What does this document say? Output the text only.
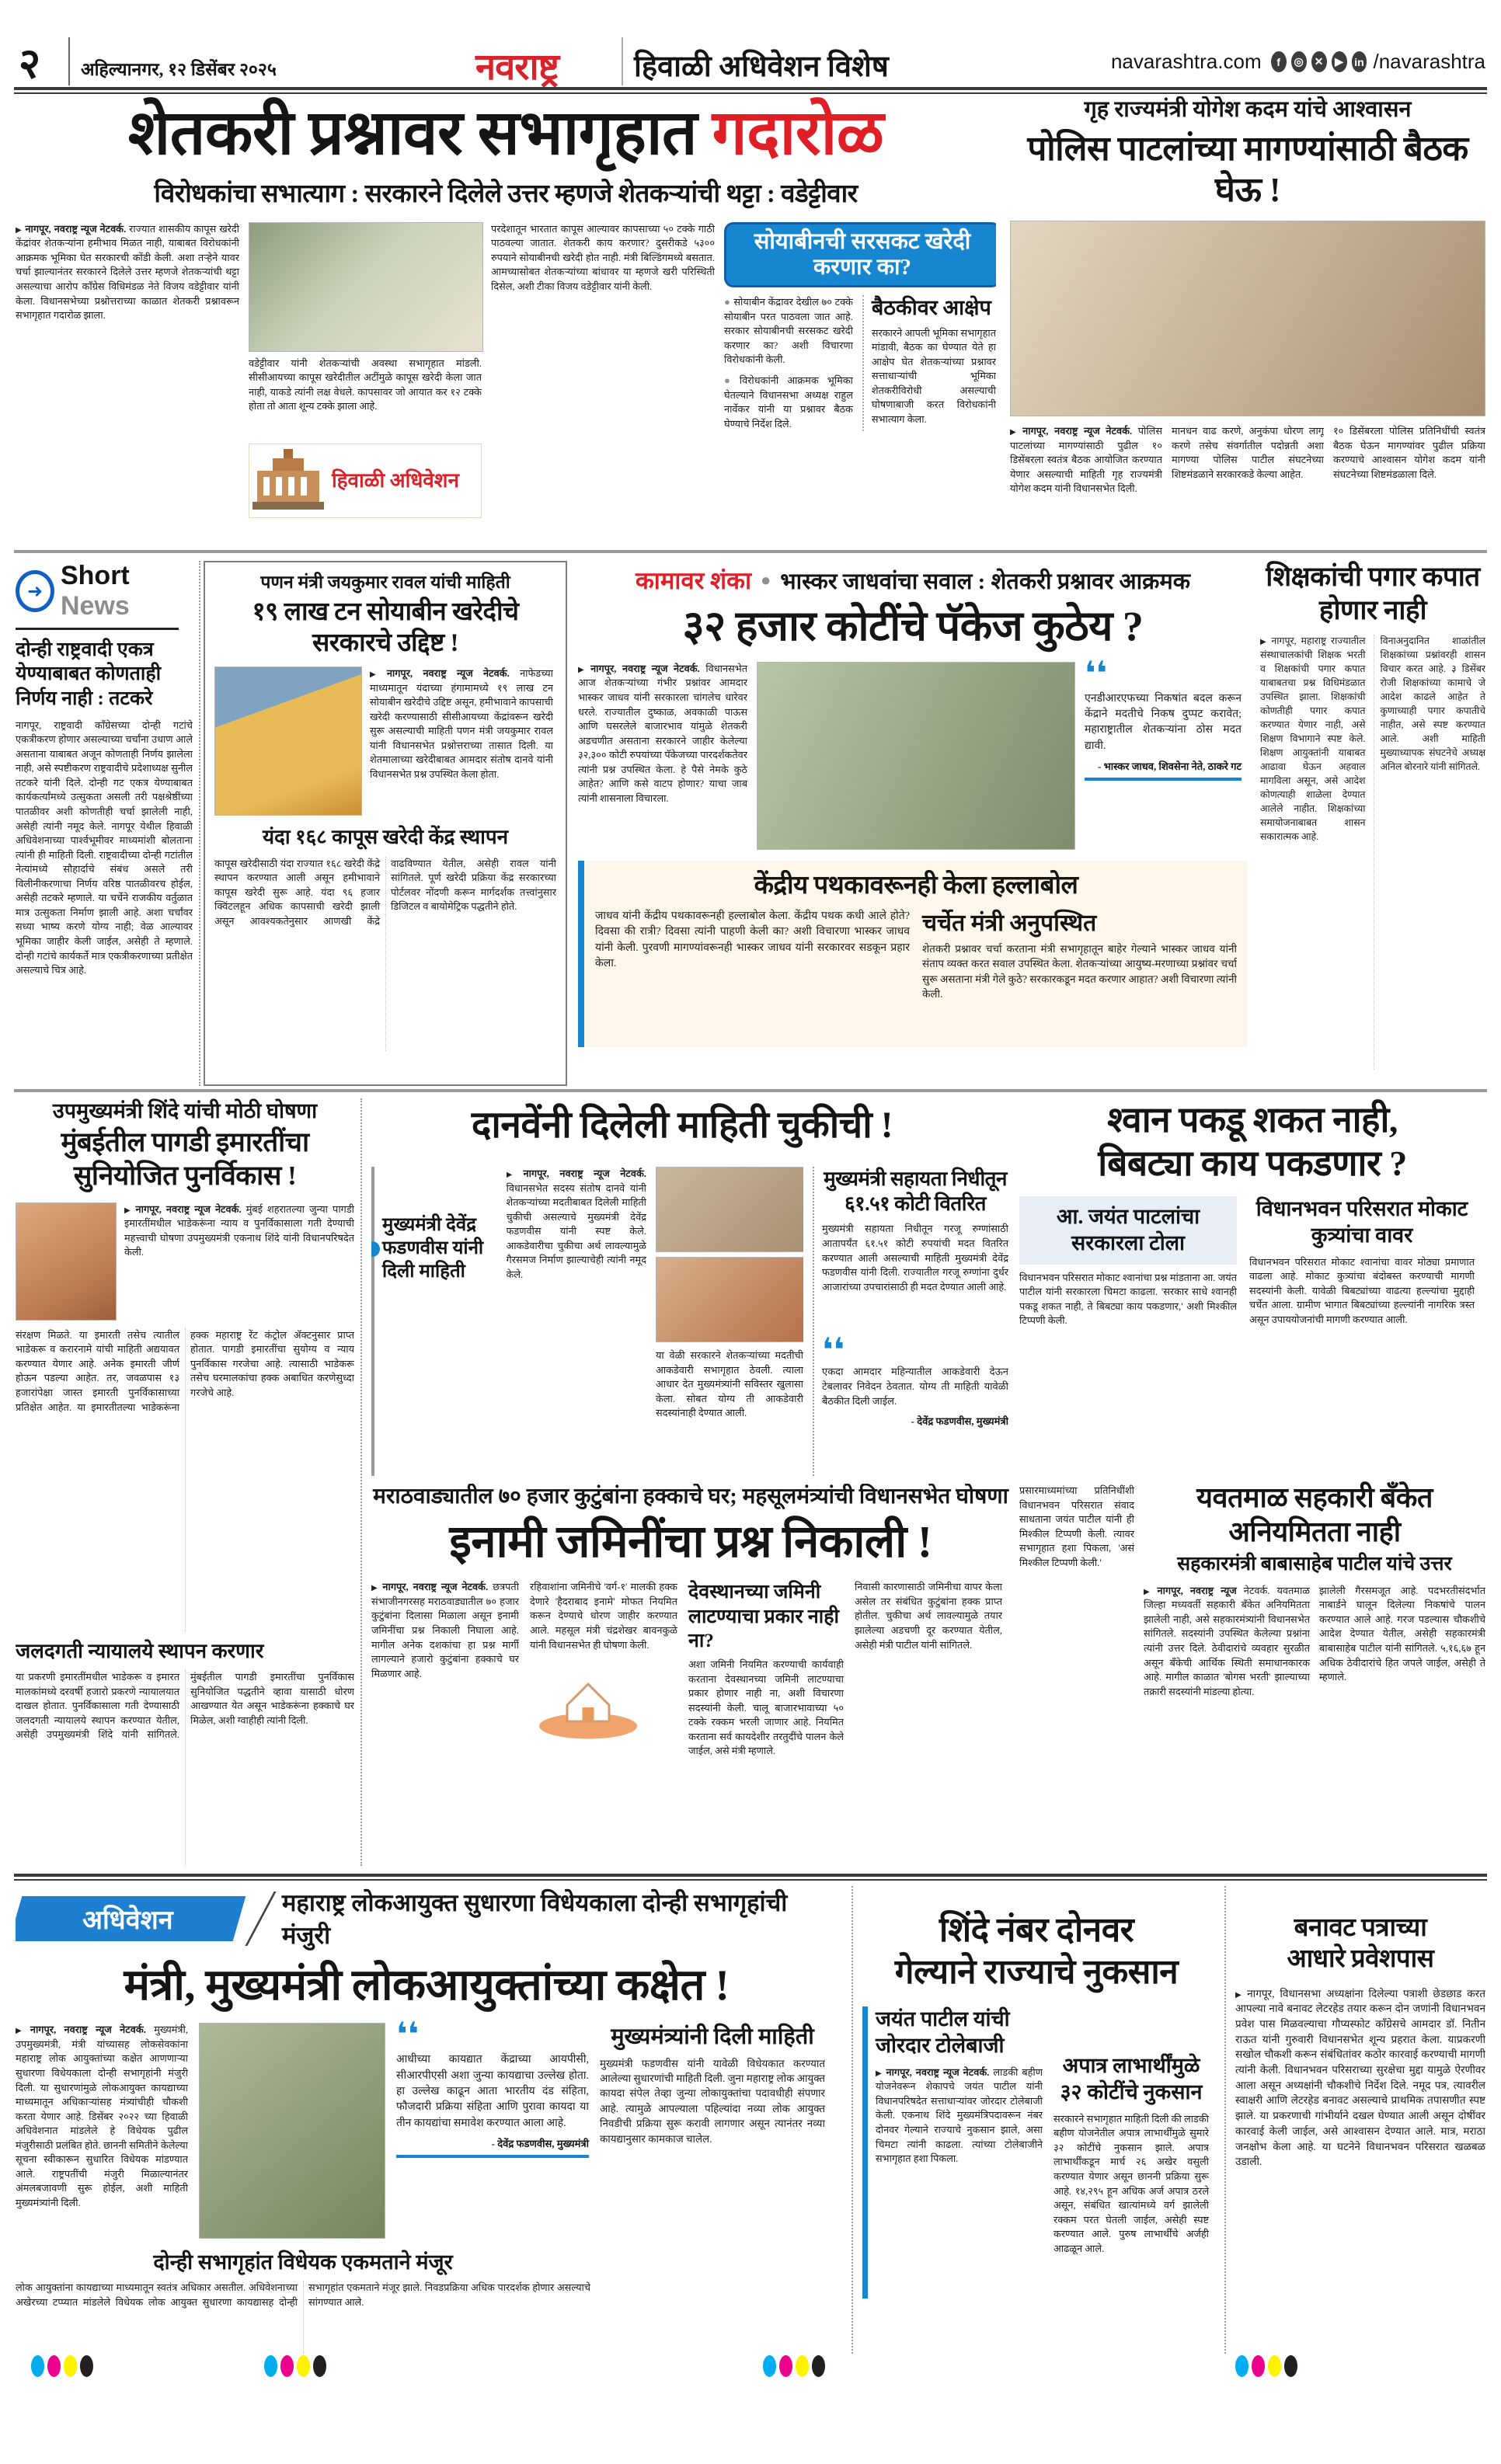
२ अहिल्यानगर, १२ डिसेंबर २०२५	नवराष्ट्र	हिवाळी अधिवेशन विशेष	navarashtra.com	f	◎ ✕	▶	in /navarashtra
शेतकरी प्रश्नावर सभागृहात गदारोळ
विरोधकांचा सभात्याग : सरकारने दिलेले उत्तर म्हणजे शेतकऱ्यांची थट्टा : वडेट्टीवार
▶ नागपूर, नवराष्ट्र न्यूज नेटवर्क. राज्यात शासकीय कापूस खरेदी केंद्रांवर शेतकऱ्यांना हमीभाव मिळत नाही, याबाबत विरोधकांनी आक्रमक भूमिका घेत सरकारची कोंडी केली. अशा तऱ्हेने यावर चर्चा झाल्यानंतर सरकारने दिलेले उत्तर म्हणजे शेतकऱ्यांची थट्टा असल्याचा आरोप काँग्रेस विधिमंडळ नेते विजय वडेट्टीवार यांनी केला. विधानसभेच्या प्रश्नोत्तराच्या काळात शेतकरी प्रश्नावरून सभागृहात गदारोळ झाला.
वडेट्टीवार यांनी शेतकऱ्यांची अवस्था सभागृहात मांडली. सीसीआयच्या कापूस खरेदीतील अटींमुळे कापूस खरेदी केला जात नाही, याकडे त्यांनी लक्ष वेधले. कापसावर जो आयात कर १२ टक्के होता तो आता शून्य टक्के झाला आहे.
हिवाळी अधिवेशन
परदेशातून भारतात कापूस आल्यावर कापसाच्या ५० टक्के गाठी पाठवल्या जातात. शेतकरी काय करणार? दुसरीकडे ५३०० रुपयाने सोयाबीनची खरेदी होत नाही. मंत्री बिल्डिंगमध्ये बसतात. आमच्यासोबत शेतकऱ्यांच्या बांधावर या म्हणजे खरी परिस्थिती दिसेल, अशी टीका विजय वडेट्टीवार यांनी केली.
सोयाबीनची सरसकट खरेदी करणार का?
● सोयाबीन केंद्रावर देखील ७० टक्के सोयाबीन परत पाठवला जात आहे. सरकार सोयाबीनची सरसकट खरेदी करणार का? अशी विचारणा विरोधकांनी केली.
● विरोधकांनी आक्रमक भूमिका घेतल्याने विधानसभा अध्यक्ष राहुल नार्वेकर यांनी या प्रश्नावर बैठक घेण्याचे निर्देश दिले.
बैठकीवर आक्षेप
सरकारने आपली भूमिका सभागृहात मांडावी, बैठक का घेण्यात येते हा आक्षेप घेत शेतकऱ्यांच्या प्रश्नावर सत्ताधाऱ्यांची भूमिका शेतकरीविरोधी असल्याची घोषणाबाजी करत विरोधकांनी सभात्याग केला.
गृह राज्यमंत्री योगेश कदम यांचे आश्वासन
पोलिस पाटलांच्या मागण्यांसाठी बैठक घेऊ !
▶ नागपूर, नवराष्ट्र न्यूज नेटवर्क. पोलिस पाटलांच्या मागण्यांसाठी पुढील १० डिसेंबरला स्वतंत्र बैठक आयोजित करण्यात येणार असल्याची माहिती गृह राज्यमंत्री योगेश कदम यांनी विधानसभेत दिली.
मानधन वाढ करणे, अनुकंपा धोरण लागू करणे तसेच संवर्गातील पदोन्नती अशा मागण्या पोलिस पाटील संघटनेच्या शिष्टमंडळाने सरकारकडे केल्या आहेत.
१० डिसेंबरला पोलिस प्रतिनिधींची स्वतंत्र बैठक घेऊन मागण्यांवर पुढील प्रक्रिया करण्याचे आश्वासन योगेश कदम यांनी संघटनेच्या शिष्टमंडळाला दिले.
➜
Short News
दोन्ही राष्ट्रवादी एकत्र येण्याबाबत कोणताही निर्णय नाही : तटकरे
नागपूर, राष्ट्रवादी काँग्रेसच्या दोन्ही गटांचे एकत्रीकरण होणार असल्याच्या चर्चांना उधाण आले असताना याबाबत अजून कोणताही निर्णय झालेला नाही, असे स्पष्टीकरण राष्ट्रवादीचे प्रदेशाध्यक्ष सुनील तटकरे यांनी दिले. दोन्ही गट एकत्र येण्याबाबत कार्यकर्त्यांमध्ये उत्सुकता असली तरी पक्षश्रेष्ठींच्या पातळीवर अशी कोणतीही चर्चा झालेली नाही, असेही त्यांनी नमूद केले. नागपूर येथील हिवाळी अधिवेशनाच्या पार्श्वभूमीवर माध्यमांशी बोलताना त्यांनी ही माहिती दिली. राष्ट्रवादीच्या दोन्ही गटांतील नेत्यांमध्ये सौहार्दाचे संबंध असले तरी विलीनीकरणाचा निर्णय वरिष्ठ पातळीवरच होईल, असेही तटकरे म्हणाले. या चर्चेने राजकीय वर्तुळात मात्र उत्सुकता निर्माण झाली आहे. अशा चर्चांवर सध्या भाष्य करणे योग्य नाही; वेळ आल्यावर भूमिका जाहीर केली जाईल, असेही ते म्हणाले. दोन्ही गटांचे कार्यकर्ते मात्र एकत्रीकरणाच्या प्रतीक्षेत असल्याचे चित्र आहे.
पणन मंत्री जयकुमार रावल यांची माहिती
१९ लाख टन सोयाबीन खरेदीचे सरकारचे उद्दिष्ट !
▶ नागपूर, नवराष्ट्र न्यूज नेटवर्क. नाफेडच्या माध्यमातून यंदाच्या हंगामामध्ये १९ लाख टन सोयाबीन खरेदीचे उद्दिष्ट असून, हमीभावाने कापसाची खरेदी करण्यासाठी सीसीआयच्या केंद्रांवरून खरेदी सुरू असल्याची माहिती पणन मंत्री जयकुमार रावल यांनी विधानसभेत प्रश्नोत्तराच्या तासात दिली. या शेतमालाच्या खरेदीबाबत आमदार संतोष दानवे यांनी विधानसभेत प्रश्न उपस्थित केला होता.
यंदा १६८ कापूस खरेदी केंद्र स्थापन
कापूस खरेदीसाठी यंदा राज्यात १६८ खरेदी केंद्रे स्थापन करण्यात आली असून हमीभावाने कापूस खरेदी सुरू आहे. यंदा ९६ हजार क्विंटलहून अधिक कापसाची खरेदी झाली असून आवश्यकतेनुसार आणखी केंद्रे वाढविण्यात येतील, असेही रावल यांनी सांगितले. पूर्ण खरेदी प्रक्रिया केंद्र सरकारच्या पोर्टलवर नोंदणी करून मार्गदर्शक तत्त्वांनुसार डिजिटल व बायोमेट्रिक पद्धतीने होते.
कामावर शंका ● भास्कर जाधवांचा सवाल : शेतकरी प्रश्नावर आक्रमक
३२ हजार कोटींचे पॅकेज कुठेय ?
▶ नागपूर, नवराष्ट्र न्यूज नेटवर्क. विधानसभेत आज शेतकऱ्यांच्या गंभीर प्रश्नांवर आमदार भास्कर जाधव यांनी सरकारला चांगलेच धारेवर धरले. राज्यातील दुष्काळ, अवकाळी पाऊस आणि घसरलेले बाजारभाव यांमुळे शेतकरी अडचणीत असताना सरकारने जाहीर केलेल्या ३२,३०० कोटी रुपयांच्या पॅकेजच्या पारदर्शकतेवर त्यांनी प्रश्न उपस्थित केला. हे पैसे नेमके कुठे आहेत? आणि कसे वाटप होणार? याचा जाब त्यांनी शासनाला विचारला.
❛❛
एनडीआरएफच्या निकषांत बदल करून केंद्राने मदतीचे निकष दुप्पट करावेत; महाराष्ट्रातील शेतकऱ्यांना ठोस मदत द्यावी.
- भास्कर जाधव, शिवसेना नेते, ठाकरे गट
केंद्रीय पथकावरूनही केला हल्लाबोल
जाधव यांनी केंद्रीय पथकावरूनही हल्लाबोल केला. केंद्रीय पथक कधी आले होते? दिवसा की रात्री? दिवसा त्यांनी पाहणी केली का? अशी विचारणा भास्कर जाधव यांनी केली. पुरवणी मागण्यांवरूनही भास्कर जाधव यांनी सरकारवर सडकून प्रहार केला.
चर्चेत मंत्री अनुपस्थित
शेतकरी प्रश्नावर चर्चा करताना मंत्री सभागृहातून बाहेर गेल्याने भास्कर जाधव यांनी संताप व्यक्त करत सवाल उपस्थित केला. शेतकऱ्यांच्या आयुष्य-मरणाच्या प्रश्नांवर चर्चा सुरू असताना मंत्री गेले कुठे? सरकारकडून मदत करणार आहात? अशी विचारणा त्यांनी केली.
शिक्षकांची पगार कपात होणार नाही
▶ नागपूर, महाराष्ट्र राज्यातील संस्थाचालकांची शिक्षक भरती व शिक्षकांची पगार कपात याबाबतचा प्रश्न विधिमंडळात उपस्थित झाला. शिक्षकांची कोणतीही पगार कपात करण्यात येणार नाही, असे शिक्षण विभागाने स्पष्ट केले. शिक्षण आयुक्तांनी याबाबत आढावा घेऊन अहवाल मागविला असून, असे आदेश कोणत्याही शाळेला देण्यात आलेले नाहीत. शिक्षकांच्या समायोजनाबाबत शासन सकारात्मक आहे.
विनाअनुदानित शाळांतील शिक्षकांच्या प्रश्नांवरही शासन विचार करत आहे. ३ डिसेंबर रोजी शिक्षकांच्या कामाचे जे आदेश काढले आहेत ते कुणाच्याही पगार कपातीचे नाहीत, असे स्पष्ट करण्यात आले. अशी माहिती मुख्याध्यापक संघटनेचे अध्यक्ष अनिल बोरनारे यांनी सांगितले.
उपमुख्यमंत्री शिंदे यांची मोठी घोषणा
मुंबईतील पागडी इमारतींचा सुनियोजित पुनर्विकास !
▶ नागपूर, नवराष्ट्र न्यूज नेटवर्क. मुंबई शहरातल्या जुन्या पागडी इमारतींमधील भाडेकरूंना न्याय व पुनर्विकासाला गती देण्याची महत्त्वाची घोषणा उपमुख्यमंत्री एकनाथ शिंदे यांनी विधानपरिषदेत केली.
संरक्षण मिळते. या इमारती तसेच त्यातील भाडेकरू व करारनामे यांची माहिती अद्ययावत करण्यात येणार आहे. अनेक इमारती जीर्ण होऊन पडल्या आहेत. तर, जवळपास १३ हजारांपेक्षा जास्त इमारती पुनर्विकासाच्या प्रतिक्षेत आहेत. या इमारतीतल्या भाडेकरूंना हक्क महाराष्ट्र रेंट कंट्रोल ॲक्टनुसार प्राप्त होतात. पागडी इमारतींचा सुयोग्य व न्याय पुनर्विकास गरजेचा आहे. त्यासाठी भाडेकरू तसेच घरमालकांचा हक्क अबाधित करणेसुध्दा गरजेचे आहे.
जलदगती न्यायालये स्थापन करणार
या प्रकरणी इमारतींमधील भाडेकरू व इमारत मालकांमध्ये दरवर्षी हजारो प्रकरणे न्यायालयात दाखल होतात. पुनर्विकासाला गती देण्यासाठी जलदगती न्यायालये स्थापन करण्यात येतील, असेही उपमुख्यमंत्री शिंदे यांनी सांगितले. मुंबईतील पागडी इमारतींचा पुनर्विकास सुनियोजित पद्धतीने व्हावा यासाठी धोरण आखण्यात येत असून भाडेकरूंना हक्काचे घर मिळेल, अशी ग्वाहीही त्यांनी दिली.
दानवेंनी दिलेली माहिती चुकीची !
मुख्यमंत्री देवेंद्र फडणवीस यांनी दिली माहिती
▶ नागपूर, नवराष्ट्र न्यूज नेटवर्क. विधानसभेत सदस्य संतोष दानवे यांनी शेतकऱ्यांच्या मदतीबाबत दिलेली माहिती चुकीची असल्याचे मुख्यमंत्री देवेंद्र फडणवीस यांनी स्पष्ट केले. आकडेवारीचा चुकीचा अर्थ लावल्यामुळे गैरसमज निर्माण झाल्याचेही त्यांनी नमूद केले.
या वेळी सरकारने शेतकऱ्यांच्या मदतीची आकडेवारी सभागृहात ठेवली. त्याला आधार देत मुख्यमंत्र्यांनी सविस्तर खुलासा केला. सोबत योग्य ती आकडेवारी सदस्यांनाही देण्यात आली.
मुख्यमंत्री सहायता निधीतून ६१.५१ कोटी वितरित
मुख्यमंत्री सहायता निधीतून गरजू रुग्णांसाठी आतापर्यंत ६१.५१ कोटी रुपयांची मदत वितरित करण्यात आली असल्याची माहिती मुख्यमंत्री देवेंद्र फडणवीस यांनी दिली. राज्यातील गरजू रुग्णांना दुर्धर आजारांच्या उपचारांसाठी ही मदत देण्यात आली आहे.
❛❛
एकदा आमदार महिन्यातील आकडेवारी देऊन टेबलावर निवेदन ठेवतात. योग्य ती माहिती यावेळी बैठकीत दिली जाईल.
- देवेंद्र फडणवीस, मुख्यमंत्री
श्वान पकडू शकत नाही,
बिबट्या काय पकडणार ?
आ. जयंत पाटलांचा सरकारला टोला
विधानभवन परिसरात मोकाट श्वानांचा प्रश्न मांडताना आ. जयंत पाटील यांनी सरकारला चिमटा काढला. 'सरकार साधे श्वानही पकडू शकत नाही, ते बिबट्या काय पकडणार,' अशी मिश्कील टिप्पणी केली.
विधानभवन परिसरात मोकाट कुत्र्यांचा वावर
विधानभवन परिसरात मोकाट श्वानांचा वावर मोठ्या प्रमाणात वाढला आहे. मोकाट कुत्र्यांचा बंदोबस्त करण्याची मागणी सदस्यांनी केली. यावेळी बिबट्यांच्या वाढत्या हल्ल्यांचा मुद्दाही चर्चेत आला. ग्रामीण भागात बिबट्यांच्या हल्ल्यांनी नागरिक त्रस्त असून उपाययोजनांची मागणी करण्यात आली.
प्रसारमाध्यमांच्या प्रतिनिधींशी विधानभवन परिसरात संवाद साधताना जयंत पाटील यांनी ही मिश्कील टिप्पणी केली. त्यावर सभागृहात हशा पिकला, 'असं मिश्कील टिप्पणी केली.'
मराठवाड्यातील ७० हजार कुटुंबांना हक्काचे घर; महसूलमंत्र्यांची विधानसभेत घोषणा
इनामी जमिनींचा प्रश्न निकाली !
▶ नागपूर, नवराष्ट्र न्यूज नेटवर्क. छत्रपती संभाजीनगरसह मराठवाड्यातील ७० हजार कुटुंबांना दिलासा मिळाला असून इनामी जमिनींचा प्रश्न निकाली निघाला आहे. मागील अनेक दशकांचा हा प्रश्न मार्गी लागल्याने हजारो कुटुंबांना हक्काचे घर मिळणार आहे.
रहिवाशांना जमिनीचे 'वर्ग-१' मालकी हक्क देणारे 'हैदराबाद इनामे' मोफत नियमित करून देण्याचे धोरण जाहीर करण्यात आले. महसूल मंत्री चंद्रशेखर बावनकुळे यांनी विधानसभेत ही घोषणा केली.
देवस्थानच्या जमिनी लाटण्याचा प्रकार नाही ना?
अशा जमिनी नियमित करण्याची कार्यवाही करताना देवस्थानच्या जमिनी लाटण्याचा प्रकार होणार नाही ना, अशी विचारणा सदस्यांनी केली. चालू बाजारभावाच्या ५० टक्के रक्कम भरली जाणार आहे. नियमित करताना सर्व कायदेशीर तरतुदींचे पालन केले जाईल, असे मंत्री म्हणाले.
निवासी कारणासाठी जमिनीचा वापर केला असेल तर संबंधित कुटुंबांना हक्क प्राप्त होतील. चुकीचा अर्थ लावल्यामुळे तयार झालेल्या अडचणी दूर करण्यात येतील, असेही मंत्री पाटील यांनी सांगितले.
यवतमाळ सहकारी बँकेत
अनियमितता नाही
सहकारमंत्री बाबासाहेब पाटील यांचे उत्तर
▶ नागपूर, नवराष्ट्र न्यूज नेटवर्क. यवतमाळ जिल्हा मध्यवर्ती सहकारी बँकेत अनियमितता झालेली नाही, असे सहकारमंत्र्यांनी विधानसभेत सांगितले. सदस्यांनी उपस्थित केलेल्या प्रश्नांना त्यांनी उत्तर दिले. ठेवीदारांचे व्यवहार सुरळीत असून बँकेची आर्थिक स्थिती समाधानकारक आहे. मागील काळात 'बोगस भरती' झाल्याच्या तक्रारी सदस्यांनी मांडल्या होत्या.
झालेली गैरसमजूत आहे. पदभरतीसंदर्भात नाबार्डने घालून दिलेल्या निकषांचे पालन करण्यात आले आहे. गरज पडल्यास चौकशीचे आदेश देण्यात येतील, असेही सहकारमंत्री बाबासाहेब पाटील यांनी सांगितले. ५,१६,६७ हून अधिक ठेवीदारांचे हित जपले जाईल, असेही ते म्हणाले.
अधिवेशन
महाराष्ट्र लोकआयुक्त सुधारणा विधेयकाला दोन्ही सभागृहांची मंजुरी
मंत्री, मुख्यमंत्री लोकआयुक्तांच्या कक्षेत !
▶ नागपूर, नवराष्ट्र न्यूज नेटवर्क. मुख्यमंत्री, उपमुख्यमंत्री, मंत्री यांच्यासह लोकसेवकांना महाराष्ट्र लोक आयुक्तांच्या कक्षेत आणणाऱ्या सुधारणा विधेयकाला दोन्ही सभागृहांनी मंजुरी दिली. या सुधारणांमुळे लोकआयुक्त कायद्याच्या माध्यमातून अधिकाऱ्यांसह मंत्र्यांचीही चौकशी करता येणार आहे. डिसेंबर २०२२ च्या हिवाळी अधिवेशनात मांडलेले हे विधेयक पुढील मंजुरीसाठी प्रलंबित होते. छाननी समितीने केलेल्या सूचना स्वीकारून सुधारित विधेयक मांडण्यात आले. राष्ट्रपतींची मंजुरी मिळाल्यानंतर अंमलबजावणी सुरू होईल, अशी माहिती मुख्यमंत्र्यांनी दिली.
❛❛
आधीच्या कायद्यात केंद्राच्या आयपीसी, सीआरपीएसी अशा जुन्या कायद्याचा उल्लेख होता. हा उल्लेख काढून आता भारतीय दंड संहिता, फौजदारी प्रक्रिया संहिता आणि पुरावा कायदा या तीन कायद्यांचा समावेश करण्यात आला आहे.
- देवेंद्र फडणवीस, मुख्यमंत्री
मुख्यमंत्र्यांनी दिली माहिती
मुख्यमंत्री फडणवीस यांनी यावेळी विधेयकात करण्यात आलेल्या सुधारणांची माहिती दिली. जुना महाराष्ट्र लोक आयुक्त कायदा संपेल तेव्हा जुन्या लोकायुक्तांचा पदावधीही संपणार आहे. त्यामुळे आपल्याला पहिल्यांदा नव्या लोक आयुक्त निवडीची प्रक्रिया सुरू करावी लागणार असून त्यानंतर नव्या कायद्यानुसार कामकाज चालेल.
दोन्ही सभागृहांत विधेयक एकमताने मंजूर
लोक आयुक्तांना कायद्याच्या माध्यमातून स्वतंत्र अधिकार असतील. अधिवेशनाच्या अखेरच्या टप्प्यात मांडलेले विधेयक लोक आयुक्त सुधारणा कायद्यासह दोन्ही सभागृहांत एकमताने मंजूर झाले. निवडप्रक्रिया अधिक पारदर्शक होणार असल्याचे सांगण्यात आले.
शिंदे नंबर दोनवर
गेल्याने राज्याचे नुकसान
जयंत पाटील यांची जोरदार टोलेबाजी
▶ नागपूर, नवराष्ट्र न्यूज नेटवर्क. लाडकी बहीण योजनेवरून शेकापचे जयंत पाटील यांनी विधानपरिषदेत सत्ताधाऱ्यांवर जोरदार टोलेबाजी केली. एकनाथ शिंदे मुख्यमंत्रिपदावरून नंबर दोनवर गेल्याने राज्याचे नुकसान झाले, असा चिमटा त्यांनी काढला. त्यांच्या टोलेबाजीने सभागृहात हशा पिकला.
अपात्र लाभार्थींमुळे ३२ कोटींचे नुकसान
सरकारने सभागृहात माहिती दिली की लाडकी बहीण योजनेतील अपात्र लाभार्थींमुळे सुमारे ३२ कोटींचे नुकसान झाले. अपात्र लाभार्थींकडून मार्च २६ अखेर वसुली करण्यात येणार असून छाननी प्रक्रिया सुरू आहे. १४,२९५ हून अधिक अर्ज अपात्र ठरले असून, संबंधित खात्यांमध्ये वर्ग झालेली रक्कम परत घेतली जाईल, असेही स्पष्ट करण्यात आले. पुरुष लाभार्थींचे अर्जही आढळून आले.
बनावट पत्राच्या
आधारे प्रवेशपास
▶ नागपूर, विधानसभा अध्यक्षांना दिलेल्या पत्राशी छेडछाड करत आपल्या नावे बनावट लेटरहेड तयार करून दोन जणांनी विधानभवन प्रवेश पास मिळवल्याचा गौप्यस्फोट काँग्रेसचे आमदार डॉ. नितीन राऊत यांनी गुरुवारी विधानसभेत शून्य प्रहरात केला. याप्रकरणी सखोल चौकशी करून संबंधितांवर कठोर कारवाई करण्याची मागणी त्यांनी केली. विधानभवन परिसराच्या सुरक्षेचा मुद्दा यामुळे ऐरणीवर आला असून अध्यक्षांनी चौकशीचे निर्देश दिले. नमूद पत्र, त्यावरील स्वाक्षरी आणि लेटरहेड बनावट असल्याचे प्राथमिक तपासणीत स्पष्ट झाले. या प्रकरणाची गांभीर्याने दखल घेण्यात आली असून दोषींवर कारवाई केली जाईल, असे आश्वासन देण्यात आले. मात्र, मराठा जनक्षोभ केला आहे. या घटनेने विधानभवन परिसरात खळबळ उडाली.
